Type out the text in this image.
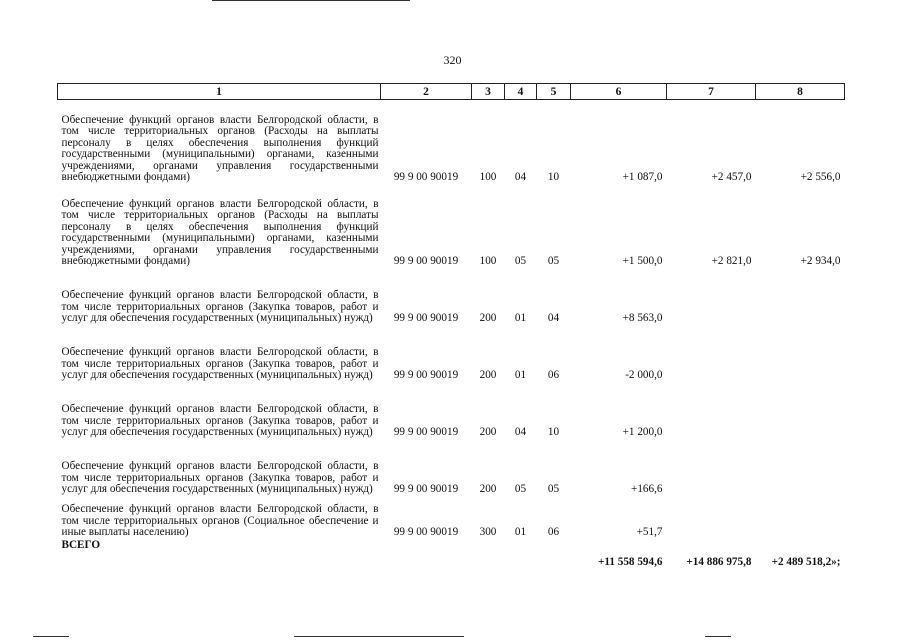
320
1	2	3	4	5	6	7	8
Обеспечение функций органов власти Белгородской области, в том числе территориальных органов (Расходы на выплаты персоналу в целях обеспечения выполнения функций государственными (муниципальными) органами, казенными учреждениями, органами управления государственными внебюджетными фондами)	99 9 00 90019	100	04	10	+1 087,0	+2 457,0	+2 556,0
Обеспечение функций органов власти Белгородской области, в том числе территориальных органов (Расходы на выплаты персоналу в целях обеспечения выполнения функций государственными (муниципальными) органами, казенными учреждениями, органами управления государственными внебюджетными фондами)	99 9 00 90019	100	05	05	+1 500,0	+2 821,0	+2 934,0
Обеспечение функций органов власти Белгородской области, в том числе территориальных органов (Закупка товаров, работ и услуг для обеспечения государственных (муниципальных) нужд)	99 9 00 90019	200	01	04	+8 563,0		
Обеспечение функций органов власти Белгородской области, в том числе территориальных органов (Закупка товаров, работ и услуг для обеспечения государственных (муниципальных) нужд)	99 9 00 90019	200	01	06	-2 000,0		
Обеспечение функций органов власти Белгородской области, в том числе территориальных органов (Закупка товаров, работ и услуг для обеспечения государственных (муниципальных) нужд)	99 9 00 90019	200	04	10	+1 200,0		
Обеспечение функций органов власти Белгородской области, в том числе территориальных органов (Закупка товаров, работ и услуг для обеспечения государственных (муниципальных) нужд)	99 9 00 90019	200	05	05	+166,6		
Обеспечение функций органов власти Белгородской области, в том числе территориальных органов (Социальное обеспечение и иные выплаты населению)	99 9 00 90019	300	01	06	+51,7		
ВСЕГО					+11 558 594,6	+14 886 975,8	+2 489 518,2»;
